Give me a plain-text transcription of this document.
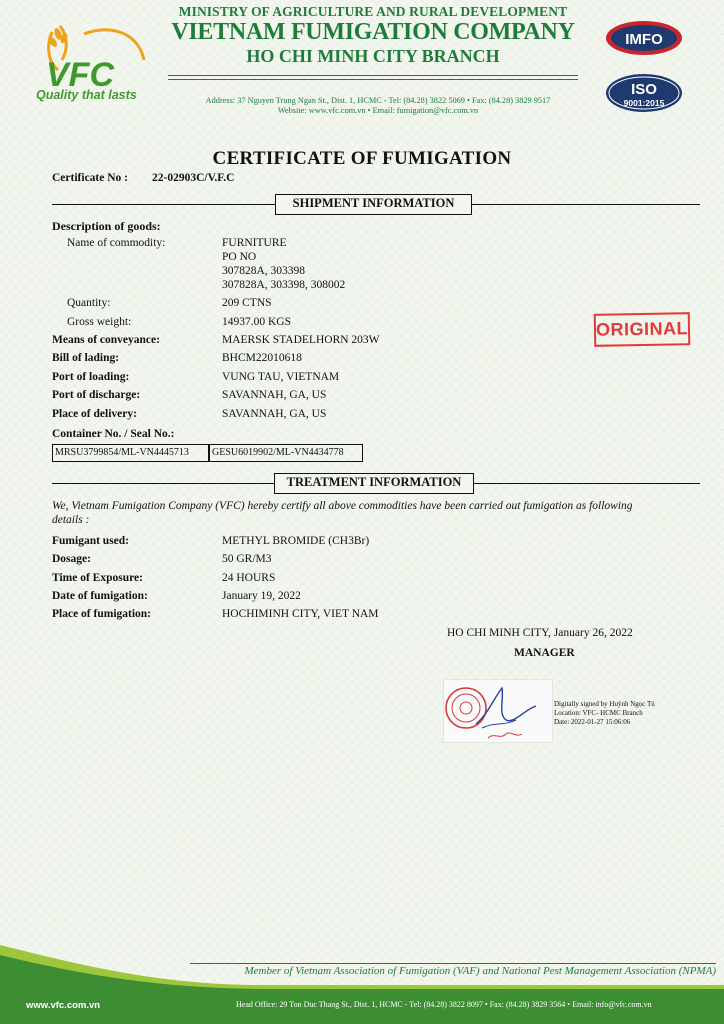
VFC
Quality that lasts
MINISTRY OF AGRICULTURE AND RURAL DEVELOPMENT
VIETNAM FUMIGATION COMPANY
HO CHI MINH CITY BRANCH
Address: 37 Nguyen Trung Ngan St., Dist. 1, HCMC - Tel: (84.28) 3822 5069 • Fax: (84.28) 3829 9517
Website: www.vfc.com.vn • Email: fumigation@vfc.com.vn
IMFO
ISO
9001:2015
CERTIFICATE OF FUMIGATION
Certificate No : 22-02903C/V.F.C
SHIPMENT INFORMATION
Description of goods:
Name of commodity:	FURNITURE
PO NO
307828A, 303398
307828A, 303398, 308002
Quantity:	209 CTNS
Gross weight:	14937.00 KGS
Means of conveyance:	MAERSK STADELHORN 203W
Bill of lading:	BHCM22010618
Port of loading:	VUNG TAU, VIETNAM
Port of discharge:	SAVANNAH, GA, US
Place of delivery:	SAVANNAH, GA, US
Container No. / Seal No.:
MRSU3799854/ML-VN4445713	GESU6019902/ML-VN4434778
ORIGINAL
TREATMENT INFORMATION
We, Vietnam Fumigation Company (VFC) hereby certify all above commodities have been carried out fumigation as following details :
Fumigant used:	METHYL BROMIDE (CH3Br)
Dosage:	50 GR/M3
Time of Exposure:	24 HOURS
Date of fumigation:	January 19, 2022
Place of fumigation:	HOCHIMINH CITY, VIET NAM
HO CHI MINH CITY, January 26, 2022
MANAGER
Digitally signed by Huỳnh Ngọc Tú
Location: VFC- HCMC Branch
Date: 2022-01-27 15:06:06
Member of Vietnam Association of Fumigation (VAF) and National Pest Management Association (NPMA)
www.vfc.com.vn	Head Office: 29 Ton Duc Thang St., Dist. 1, HCMC - Tel: (84.28) 3822 8097 • Fax: (84.28) 3829 3564 • Email: info@vfc.com.vn
